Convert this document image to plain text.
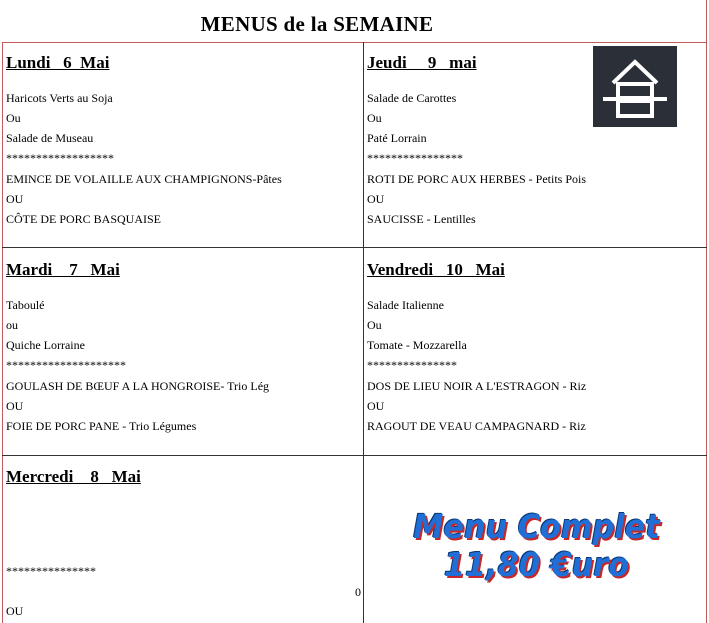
MENUS de la SEMAINE
Lundi   6  Mai
Haricots Verts au Soja
Ou
Salade de Museau
******************
EMINCE DE VOLAILLE AUX CHAMPIGNONS-Pâtes
OU
CÔTE DE PORC BASQUAISE
Jeudi     9   mai
Salade de Carottes
Ou
Paté Lorrain
****************
ROTI DE PORC AUX HERBES - Petits Pois
OU
SAUCISSE - Lentilles
Mardi    7   Mai
Taboulé
ou
Quiche Lorraine
********************
GOULASH DE BŒUF A LA HONGROISE- Trio Lég
OU
FOIE DE PORC PANE - Trio Légumes
Vendredi   10   Mai
Salade Italienne
Ou
Tomate - Mozzarella
***************
DOS DE LIEU NOIR A L'ESTRAGON - Riz
OU
RAGOUT DE VEAU CAMPAGNARD - Riz
Mercredi    8   Mai
***************
0
OU
Menu Complet
11,80 €uro
